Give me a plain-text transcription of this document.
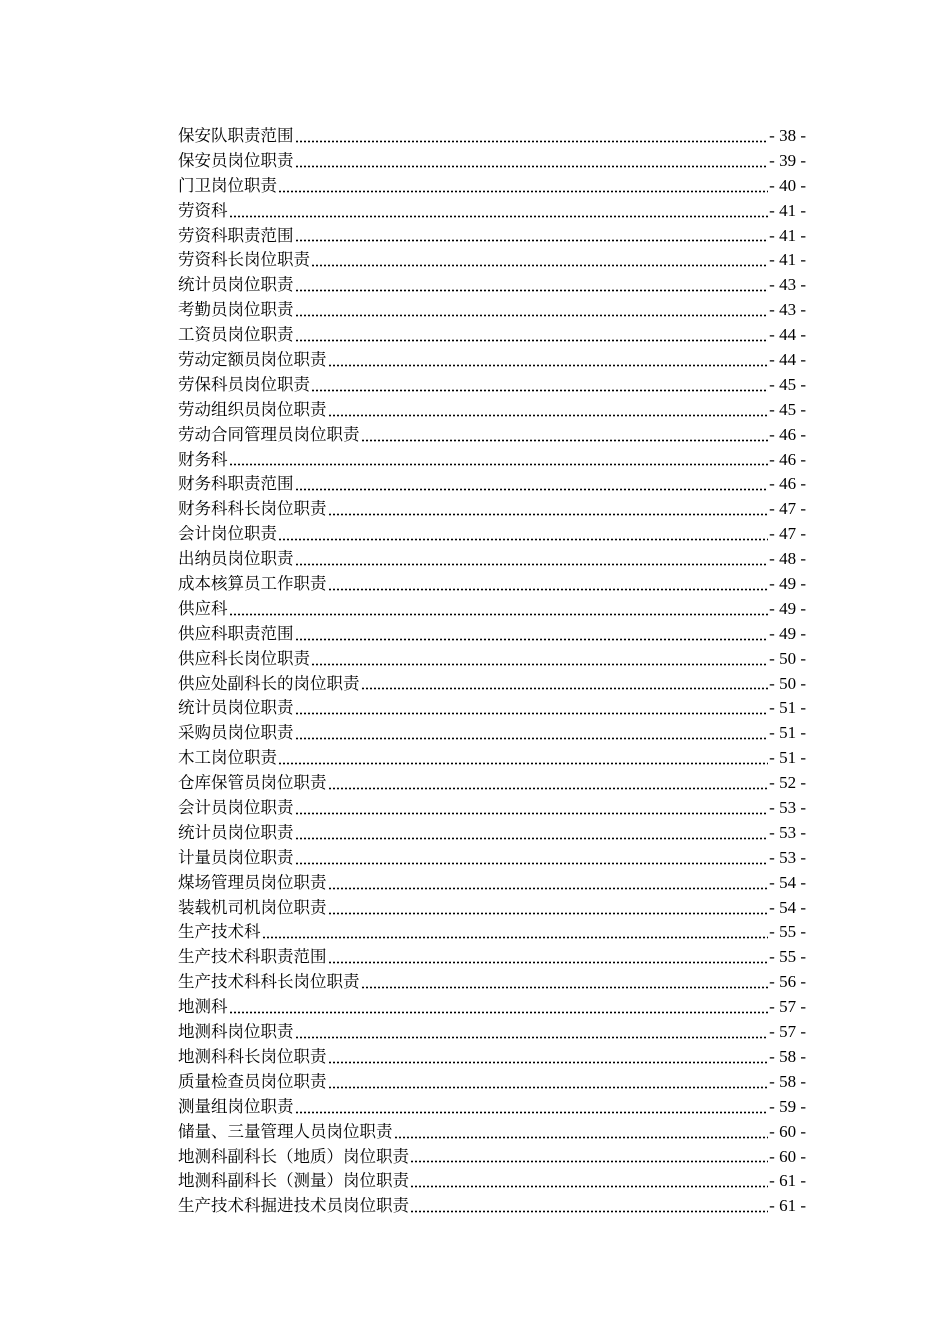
保安队职责范围	- 38 -
保安员岗位职责	- 39 -
门卫岗位职责	- 40 -
劳资科	- 41 -
劳资科职责范围	- 41 -
劳资科长岗位职责	- 41 -
统计员岗位职责	- 43 -
考勤员岗位职责	- 43 -
工资员岗位职责	- 44 -
劳动定额员岗位职责	- 44 -
劳保科员岗位职责	- 45 -
劳动组织员岗位职责	- 45 -
劳动合同管理员岗位职责	- 46 -
财务科	- 46 -
财务科职责范围	- 46 -
财务科科长岗位职责	- 47 -
会计岗位职责	- 47 -
出纳员岗位职责	- 48 -
成本核算员工作职责	- 49 -
供应科	- 49 -
供应科职责范围	- 49 -
供应科长岗位职责	- 50 -
供应处副科长的岗位职责	- 50 -
统计员岗位职责	- 51 -
采购员岗位职责	- 51 -
木工岗位职责	- 51 -
仓库保管员岗位职责	- 52 -
会计员岗位职责	- 53 -
统计员岗位职责	- 53 -
计量员岗位职责	- 53 -
煤场管理员岗位职责	- 54 -
装载机司机岗位职责	- 54 -
生产技术科	- 55 -
生产技术科职责范围	- 55 -
生产技术科科长岗位职责	- 56 -
地测科	- 57 -
地测科岗位职责	- 57 -
地测科科长岗位职责	- 58 -
质量检查员岗位职责	- 58 -
测量组岗位职责	- 59 -
储量、三量管理人员岗位职责	- 60 -
地测科副科长（地质）岗位职责	- 60 -
地测科副科长（测量）岗位职责	- 61 -
生产技术科掘进技术员岗位职责	- 61 -
